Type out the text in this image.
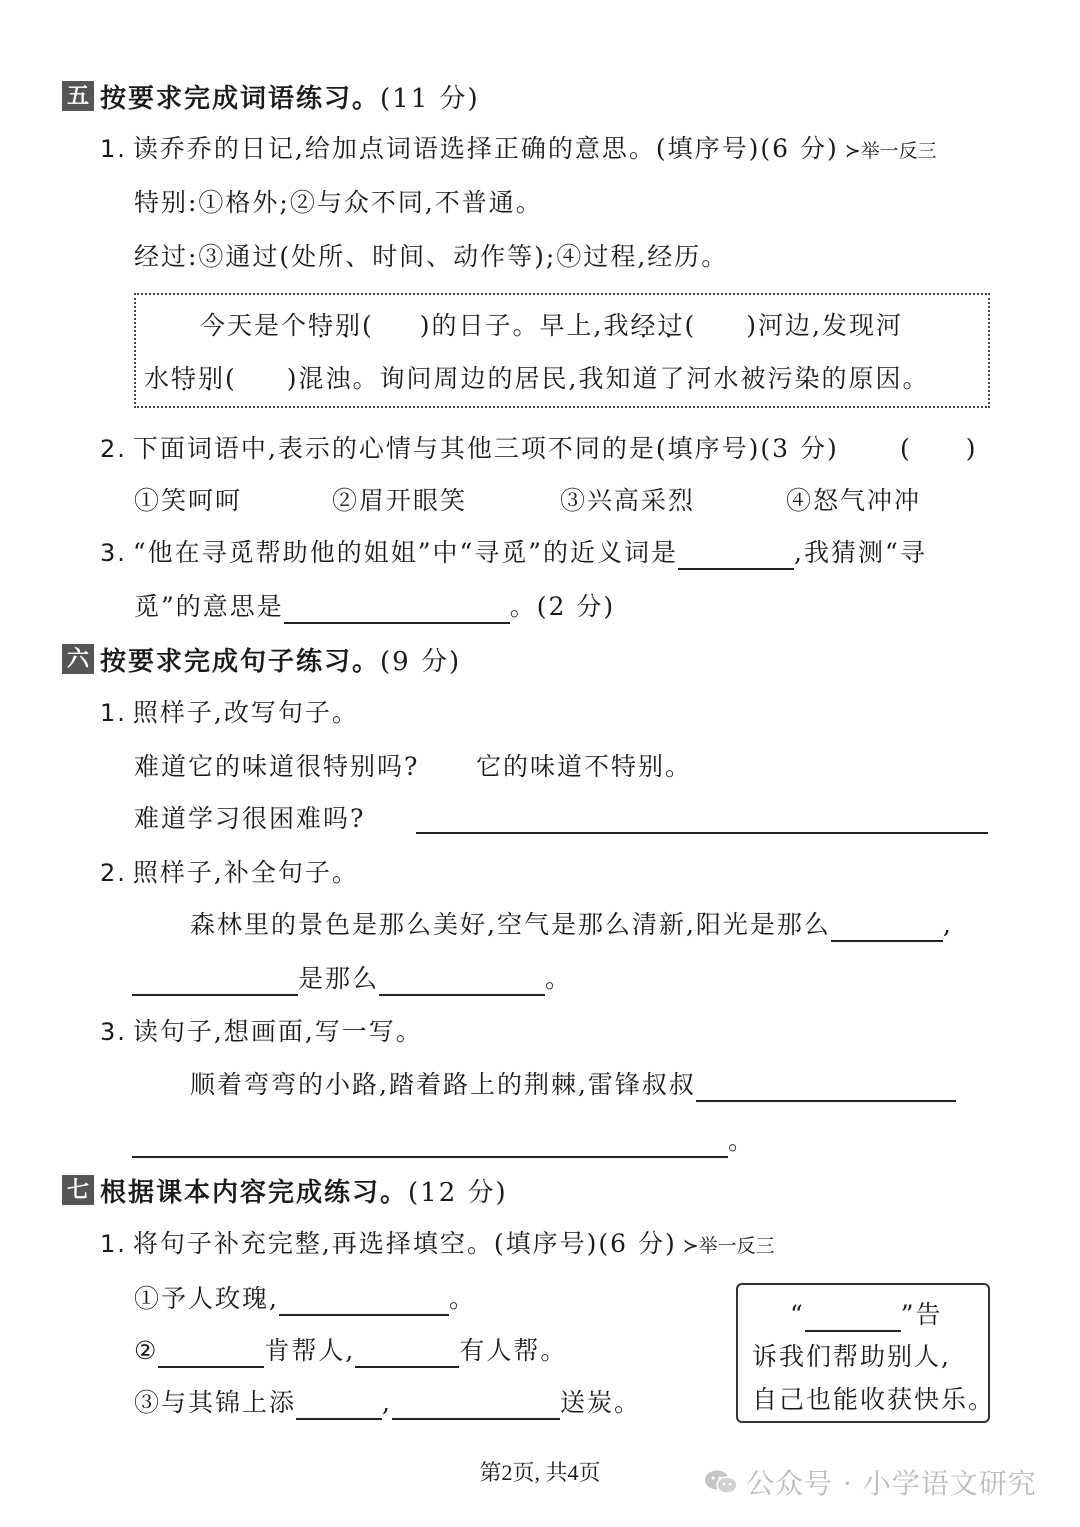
五 按要求完成词语练习。 (11 分)
1. 读乔乔的日记,给加点词语选择正确的意思。(填序号)(6 分) ≻举一反三
特别:①格外;②与众不同,不普通。
经过:③通过(处所、时间、动作等);④过程,经历。
今天是个特别 • •( )的日子。早上,我经过 • •( )河边,发现河
水特别 • •( )混浊。询问周边的居民,我知道了河水被污染的原因。
2. 下面词语中,表示的心情与其他三项不同的是(填序号)(3 分) (　　)
①笑呵呵	②眉开眼笑	③兴高采烈	④怒气冲冲
3. “他在寻觅帮助他的姐姐”中“寻觅”的近义词是	,我猜测“寻
觅”的意思是	。(2 分)
六 按要求完成句子练习。 (9 分)
1. 照样子,改写句子。
难道它的味道很特别吗? 它的味道不特别。
难道学习很困难吗?
2. 照样子,补全句子。
森林里的景色是那么美好,空气是那么清新,阳光是那么	,
是那么	。
3. 读句子,想画面,写一写。
顺着弯弯的小路,踏着路上的荆棘,雷锋叔叔
。
七 根据课本内容完成练习。 (12 分)
1. 将句子补充完整,再选择填空。(填序号)(6 分) ≻举一反三
①予人玫瑰,	。
②	肯帮人,	有人帮。
③与其锦上添	,	送炭。
“	”告
诉我们帮助别人,
自己也能收获快乐。
第2页, 共4页	公众号 · 小学语文研究
